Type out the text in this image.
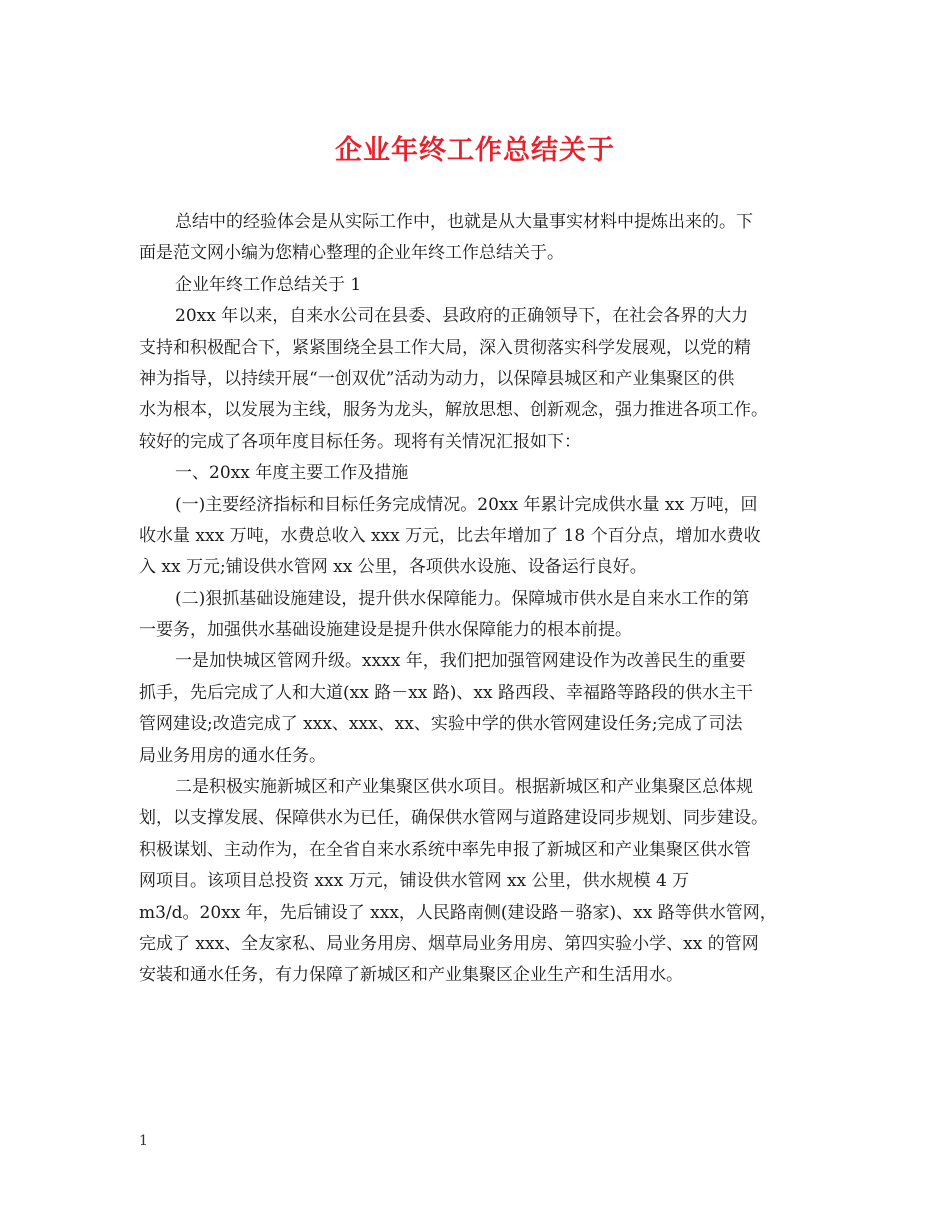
企业年终工作总结关于
总结中的经验体会是从实际工作中，也就是从大量事实材料中提炼出来的。下
面是范文网小编为您精心整理的企业年终工作总结关于。
企业年终工作总结关于 1
20xx 年以来，自来水公司在县委、县政府的正确领导下，在社会各界的大力
支持和积极配合下，紧紧围绕全县工作大局，深入贯彻落实科学发展观，以党的精
神为指导，以持续开展“一创双优”活动为动力，以保障县城区和产业集聚区的供
水为根本，以发展为主线，服务为龙头，解放思想、创新观念，强力推进各项工作。
较好的完成了各项年度目标任务。现将有关情况汇报如下：
一、20xx 年度主要工作及措施
(一)主要经济指标和目标任务完成情况。20xx 年累计完成供水量 xx 万吨，回
收水量 xxx 万吨，水费总收入 xxx 万元，比去年增加了 18 个百分点，增加水费收
入 xx 万元;铺设供水管网 xx 公里，各项供水设施、设备运行良好。
(二)狠抓基础设施建设，提升供水保障能力。保障城市供水是自来水工作的第
一要务，加强供水基础设施建设是提升供水保障能力的根本前提。
一是加快城区管网升级。xxxx 年，我们把加强管网建设作为改善民生的重要
抓手，先后完成了人和大道(xx 路－xx 路)、xx 路西段、幸福路等路段的供水主干
管网建设;改造完成了 xxx、xxx、xx、实验中学的供水管网建设任务;完成了司法
局业务用房的通水任务。
二是积极实施新城区和产业集聚区供水项目。根据新城区和产业集聚区总体规
划，以支撑发展、保障供水为已任，确保供水管网与道路建设同步规划、同步建设。
积极谋划、主动作为，在全省自来水系统中率先申报了新城区和产业集聚区供水管
网项目。该项目总投资 xxx 万元，铺设供水管网 xx 公里，供水规模 4 万
m3/d。20xx 年，先后铺设了 xxx，人民路南侧(建设路－骆家)、xx 路等供水管网，
完成了 xxx、全友家私、局业务用房、烟草局业务用房、第四实验小学、xx 的管网
安装和通水任务，有力保障了新城区和产业集聚区企业生产和生活用水。
1
